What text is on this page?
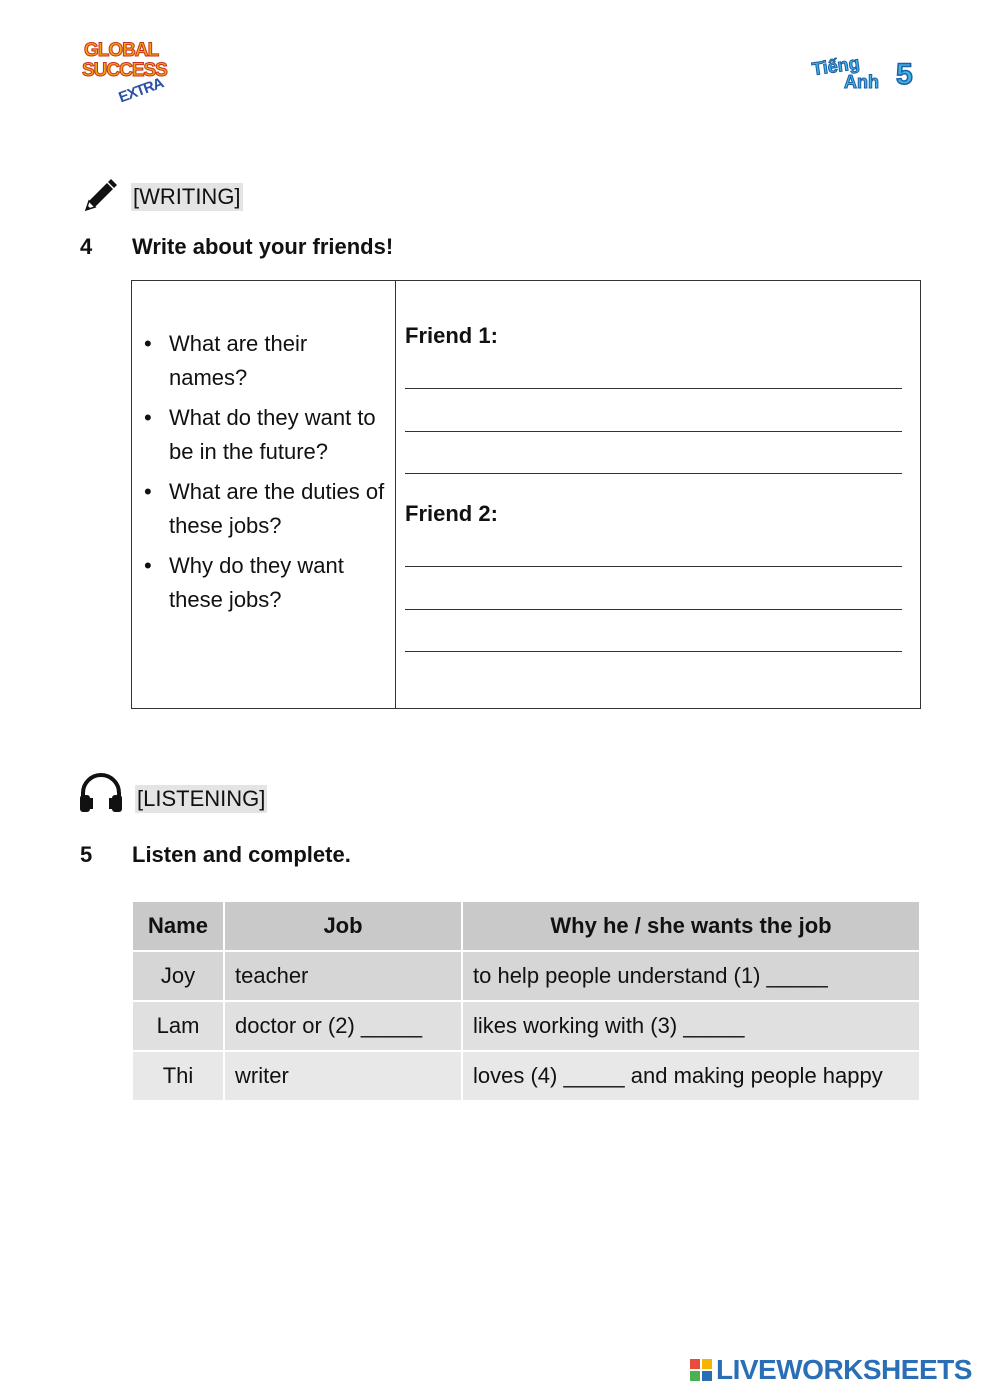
GLOBAL
SUCCESS
EXTRA
Tiếng
Anh 5
[WRITING]
4 Write about your friends!
• What are their names?
• What do they want to be in the future?
• What are the duties of these jobs?
• Why do they want these jobs?
Friend 1:
Friend 2:
[LISTENING]
5 Listen and complete.
Name	Job	Why he / she wants the job
Joy	teacher	to help people understand (1) _____
Lam	doctor or (2) _____	likes working with (3) _____
Thi	writer	loves (4) _____ and making people happy
LIVEWORKSHEETS
